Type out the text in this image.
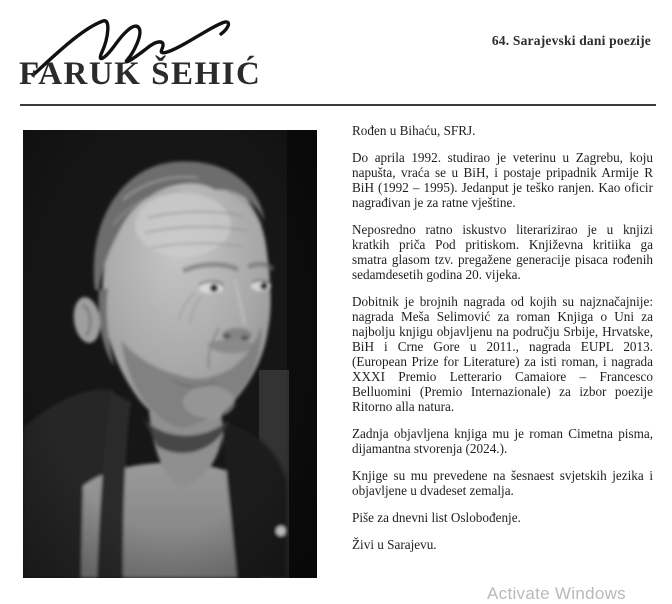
FARUK ŠEHIĆ
64. Sarajevski dani poezije

Rođen u Bihaću, SFRJ.

Do aprila 1992. studirao je veterinu u Zagrebu, koju napušta, vraća se u BiH, i postaje pripadnik Armije R BiH (1992 – 1995). Jedanput je teško ranjen. Kao oficir nagrađivan je za ratne vještine.

Neposredno ratno iskustvo literarizirao je u knjizi kratkih priča Pod pritiskom. Književna kritiika ga smatra glasom tzv. pregažene generacije pisaca rođenih sedamdesetih godina 20. vijeka.

Dobitnik je brojnih nagrada od kojih su najznačajnije: nagrada Meša Selimović za roman Knjiga o Uni za najbolju knjigu objavljenu na području Srbije, Hrvatske, BiH i Crne Gore u 2011., nagrada EUPL 2013. (European Prize for Literature) za isti roman, i nagrada XXXI Premio Letterario Camaiore – Francesco Belluomini (Premio Internazionale) za izbor poezije Ritorno alla natura.

Zadnja objavljena knjiga mu je roman Cimetna pisma, dijamantna stvorenja (2024.).

Knjige su mu prevedene na šesnaest svjetskih jezika i objavljene u dvadeset zemalja.

Piše za dnevni list Oslobođenje.

Živi u Sarajevu.

Activate Windows
